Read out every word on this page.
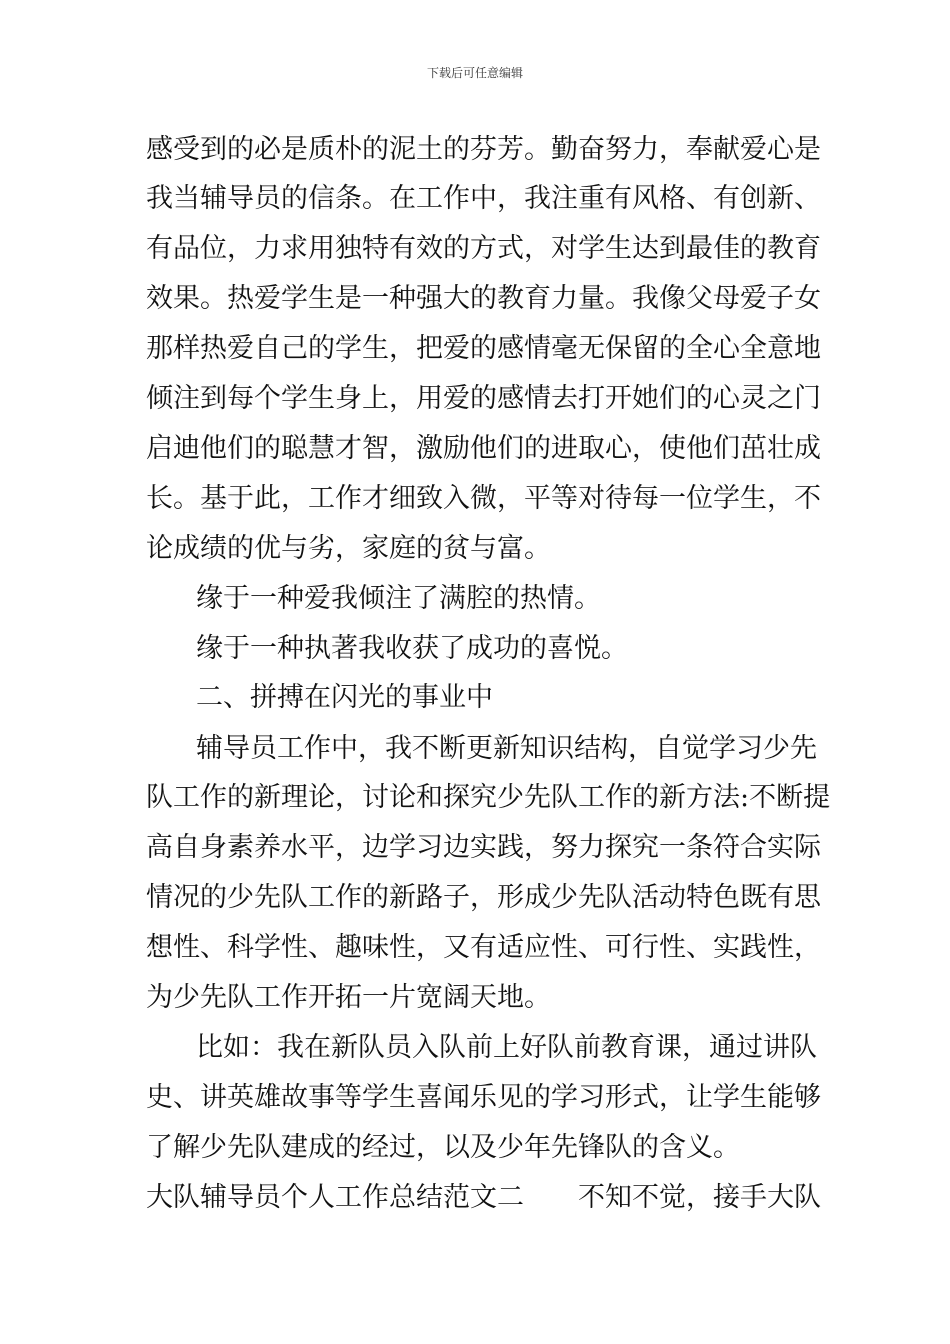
下载后可任意编辑
感受到的必是质朴的泥土的芬芳。勤奋努力，奉献爱心是
我当辅导员的信条。在工作中，我注重有风格、有创新、
有品位，力求用独特有效的方式，对学生达到最佳的教育
效果。热爱学生是一种强大的教育力量。我像父母爱子女
那样热爱自己的学生，把爱的感情毫无保留的全心全意地
倾注到每个学生身上，用爱的感情去打开她们的心灵之门
启迪他们的聪慧才智，激励他们的进取心，使他们茁壮成
长。基于此，工作才细致入微，平等对待每一位学生，不
论成绩的优与劣，家庭的贫与富。
缘于一种爱我倾注了满腔的热情。
缘于一种执著我收获了成功的喜悦。
二、拼搏在闪光的事业中
辅导员工作中，我不断更新知识结构，自觉学习少先
队工作的新理论，讨论和探究少先队工作的新方法:不断提
高自身素养水平，边学习边实践，努力探究一条符合实际
情况的少先队工作的新路子，形成少先队活动特色既有思
想性、科学性、趣味性，又有适应性、可行性、实践性，
为少先队工作开拓一片宽阔天地。
比如：我在新队员入队前上好队前教育课，通过讲队
史、讲英雄故事等学生喜闻乐见的学习形式，让学生能够
了解少先队建成的经过，以及少年先锋队的含义。
大队辅导员个人工作总结范文二 不知不觉，接手大队
